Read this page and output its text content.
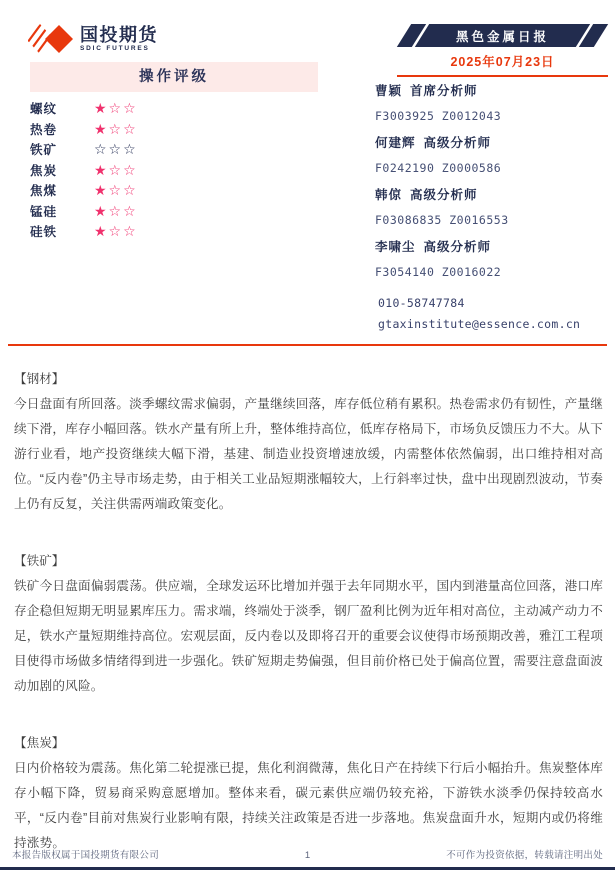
国投期货
SDIC FUTURES
黑色金属日报
2025年07月23日
操作评级
螺纹	★☆☆
热卷	★☆☆
铁矿	☆☆☆
焦炭	★☆☆
焦煤	★☆☆
锰硅	★☆☆
硅铁	★☆☆
曹颖 首席分析师
F3003925 Z0012043
何建辉 高级分析师
F0242190 Z0000586
韩倞 高级分析师
F03086835 Z0016553
李啸尘 高级分析师
F3054140 Z0016022
010-58747784
gtaxinstitute@essence.com.cn
【钢材】
今日盘面有所回落。淡季螺纹需求偏弱，产量继续回落，库存低位稍有累积。热卷需求仍有韧性，产量继续下滑，库存小幅回落。铁水产量有所上升，整体维持高位，低库存格局下，市场负反馈压力不大。从下游行业看，地产投资继续大幅下滑，基建、制造业投资增速放缓，内需整体依然偏弱，出口维持相对高位。“反内卷”仍主导市场走势，由于相关工业品短期涨幅较大，上行斜率过快，盘中出现剧烈波动，节奏上仍有反复，关注供需两端政策变化。
【铁矿】
铁矿今日盘面偏弱震荡。供应端，全球发运环比增加并强于去年同期水平，国内到港量高位回落，港口库存企稳但短期无明显累库压力。需求端，终端处于淡季，钢厂盈利比例为近年相对高位，主动减产动力不足，铁水产量短期维持高位。宏观层面，反内卷以及即将召开的重要会议使得市场预期改善，雅江工程项目使得市场做多情绪得到进一步强化。铁矿短期走势偏强，但目前价格已处于偏高位置，需要注意盘面波动加剧的风险。
【焦炭】
日内价格较为震荡。焦化第二轮提涨已提，焦化利润微薄，焦化日产在持续下行后小幅抬升。焦炭整体库存小幅下降，贸易商采购意愿增加。整体来看，碳元素供应端仍较充裕，下游铁水淡季仍保持较高水平，“反内卷”目前对焦炭行业影响有限，持续关注政策是否进一步落地。焦炭盘面升水，短期内或仍将维持涨势。
本报告版权属于国投期货有限公司	不可作为投资依据，转载请注明出处
1
